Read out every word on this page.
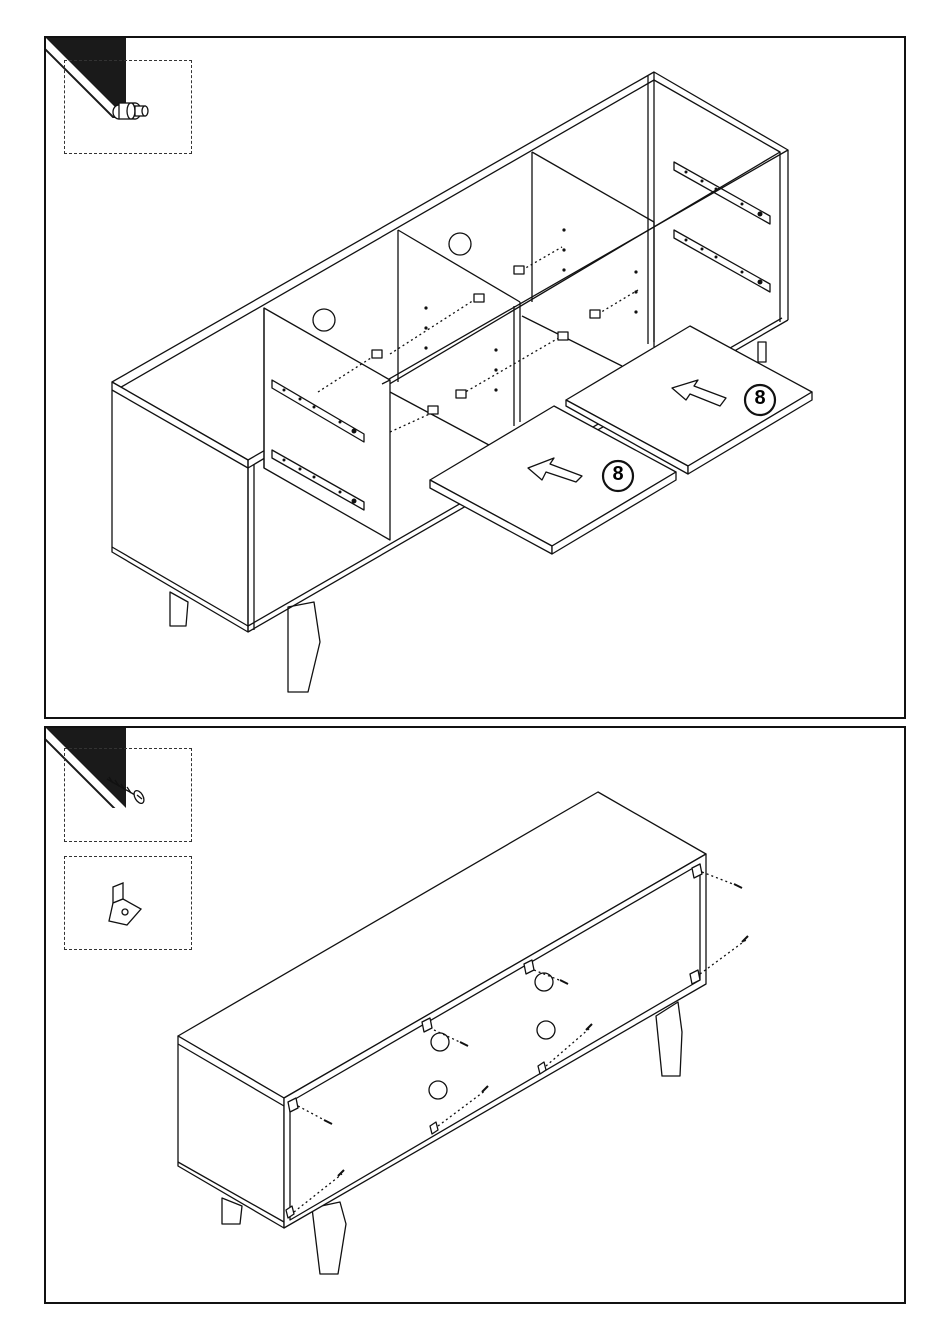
8
8
